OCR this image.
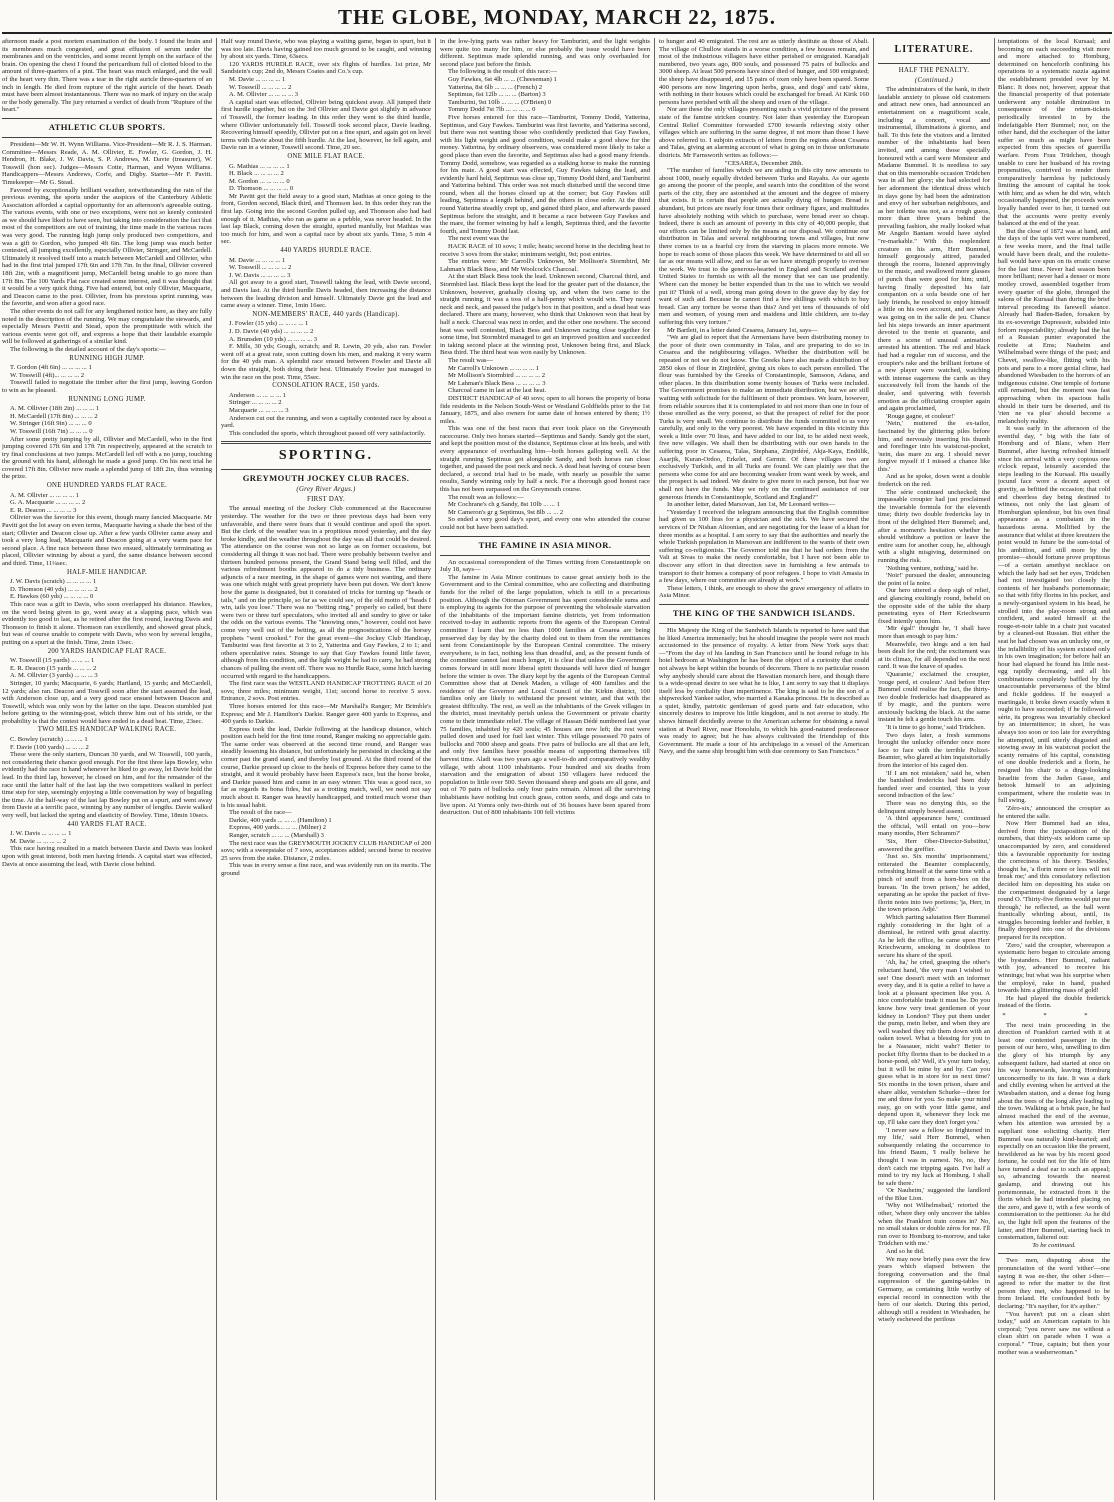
THE GLOBE, MONDAY, MARCH 22, 1875.

afternoon made a post mortem examination of the body. I found the brain and its membranes much congested, and great effusion of serum under the membranes and on the ventricles, and some recent lymph on the surface of the brain. On opening the chest I found the pericardium full of clotted blood to the amount of three-quarters of a pint. The heart was much enlarged, and the wall of the heart very thin. There was a tear in the right auricle three-quarters of an inch in length. He died from rupture of the right auricle of the heart. Death must have been almost instantaneous. There was no mark of injury on the scalp or the body generally. The jury returned a verdict of death from "Rupture of the heart."

ATHLETIC CLUB SPORTS.

President—Mr W. H. Wynn Williams. Vice-President—Mr R. J. S. Harman. Committee—Messrs Reade, A. M. Ollivier, E. Fowler, G. Gordon, J. H. Hendron, H. Blake, J. W. Davis, S. P. Andrews, M. Davie (treasurer), W. Tosswill (hon sec). Judges—Messrs Cotte, Harman, and Wynn Williams. Handicappers—Messrs Andrews, Corfe, and Digby. Starter—Mr F. Pavitt. Timekeeper—Mr G. Stead.

Favored by exceptionally brilliant weather, notwithstanding the rain of the previous evening, the sports under the auspices of the Canterbury Athletic Association afforded a capital opportunity for an afternoon's agreeable outing. The various events, with one or two exceptions, were not so keenly contested as we should have liked to have seen, but taking into consideration the fact that most of the competitors are out of training, the time made in the various races was very good. The running high jump only produced two competitors, and was a gift to Gordon, who jumped 4ft 6in. The long jump was much better contested, all jumping excellently, especially Ollivier, Stringer, and McCardell. Ultimately it resolved itself into a match between McCardell and Ollivier, who had in the first trial jumped 17ft 6in and 17ft 7in. In the final, Ollivier covered 18ft 2in, with a magnificent jump, McCardell being unable to go more than 17ft 8in. The 100 Yards Flat race created some interest, and it was thought that it would be a very quick thing. Five had entered, but only Ollivier, Macquarie, and Deacon came to the post. Ollivier, from his previous sprint running, was the favorite, and won after a good race.

The other events do not call for any lengthened notice here, as they are fully noted in the description of the running. We may congratulate the stewards, and especially Messrs Pavitt and Stead, upon the promptitude with which the various events were got off, and express a hope that their laudable example will be followed at gatherings of a similar kind.

The following is the detailed account of the day's sports:—

RUNNING HIGH JUMP.
T. Gordon (4ft 6in) ... ... ... ... 1
W. Tosswill (4ft)... ... ... ... 2

Tosswill failed to negotiate the timber after the first jump, leaving Gordon to win as he pleased.

RUNNING LONG JUMP.
A. M. Ollivier (18ft 2in) ... ... ... 1
H. McCardell (17ft 8in) ... ... ... 2
W. Stringer (16ft 9in) ... ... ... 0
W. Tosswill (16ft 7in) ... ... ... 0

After some pretty jumping by all, Ollivier and McCardell, who in the first jumping covered 17ft 6in and 17ft 7in respectively, appeared at the scratch to try final conclusions at two jumps. McCardell led off with a no jump, touching the ground with his hand, although he made a good jump. On his next trial he covered 17ft 8in. Ollivier now made a splendid jump of 18ft 2in, thus winning the prize.

ONE HUNDRED YARDS FLAT RACE.
A. M. Ollivier ... ... ... ... 1
G. A. Macquarie ... ... ... ... 2
E. R. Deacon ... ... ... ... 3

Ollivier was the favorite for this event, though many fancied Macquarie. Mr Pavitt got the lot away on even terms, Macquarie having a shade the best of the start; Ollivier and Deacon close up. After a few yards Ollivier came away and took a very long lead, Macquarie and Deacon going at a very warm pace for second place. A fine race between these two ensued, ultimately terminating as placed, Ollivier winning by about a yard, the same distance between second and third. Time, 11¼sec.

HALF-MILE HANDICAP.
J. W. Davis (scratch) ... ... ... ... 1
D. Thomson (40 yds) ... ... ... ... 2
E. Hawkes (60 yds) ... ... ... ... 0

This race was a gift to Davis, who soon overlapped his distance. Hawkes, on the word being given to go, went away at a slapping pace, which was evidently too good to last, as he retired after the first round, leaving Davis and Thomson to finish it alone. Thomson ran excellently, and showed great pluck, but was of course unable to compete with Davis, who won by several lengths, putting on a spurt at the finish. Time, 2min 13sec.

200 YARDS HANDICAP FLAT RACE.
W. Tosswill (15 yards) ... ... ... 1
E. R. Deacon (15 yards ... ... ... 2
A. M. Ollivier (3 yards) ... ... ... 3

Stringer, 10 yards; Macquarie, 6 yards; Hartland, 15 yards; and McCardell, 12 yards; also ran. Deacon and Tosswill soon after the start assumed the lead, with Anderson close up, and a very good race ensued between Deacon and Tosswill, which was only won by the latter on the tape. Deacon stumbled just before getting to the winning-post, which threw him out of his stride, or the probability is that the contest would have ended in a dead heat. Time, 23sec.

TWO MILES HANDICAP WALKING RACE.
C. Bowley (scratch) ... ... ... 1
F. Davie (100 yards) ... ... ... 2

These were the only starters, Duncan 30 yards, and W. Tosswill, 100 yards, not considering their chance good enough. For the first three laps Bowley, who evidently had the race in hand whenever he liked to go away, let Davie hold the lead. In the third lap, however, he closed on him, and for the remainder of the race until the latter half of the last lap the two competitors walked in perfect time step for step, seemingly enjoying a little conversation by way of beguiling the time. At the half-way of the last lap Bowley put on a spurt, and went away from Davie at a terrific pace, winning by any number of lengths. Davie walked very well, but lacked the spring and elasticity of Bowley. Time, 18min 10secs.

440 YARDS FLAT RACE.
J. W. Davis ... ... ... ... 1
M. Davie ... ... ... ... 2

This race having resulted in a match between Davie and Davis was looked upon with great interest, both men having friends. A capital start was effected, Davis at once assuming the lead, with Davie close behind.

Half way round Davie, who was playing a waiting game, began to spurt, but it was too late. Davis having gained too much ground to be caught, and winning by about six yards. Time, 63secs.

120 YARDS HURDLE RACE, over six flights of hurdles. 1st prize, Mr Sandstein's cup; 2nd do, Messrs Coates and Co.'s cup.

M. Davie ... ... ... ... 1
W. Tosswill ... ... ... ... 2
A. M. Ollivier ... ... ... ... 3

A capital start was effected, Ollivier being quickest away. All jumped their first hurdle together, but on the 3rd Ollivier and Davie got slightly in advance of Tosswill, the former leading. In this order they went to the third hurdle, where Ollivier unfortunately fell. Tosswill took second place, Davie leading. Recovering himself speedily, Ollivier put on a fine spurt, and again got on level terms with Davie about the fifth hurdle. At the last, however, he fell again, and Davie ran in a winner, Tosswill second. Time, 20 sec.

ONE MILE FLAT RACE.
G. Mathias ... ... ... ... 1
H. Black ... ... ... ... 2
M. Gordon ... ... ... ... 0
D. Thomson ... ... ... ... 0

Mr Pavitt got the field away to a good start, Mathias at once going to the front, Gordon second, Black third, and Thomson last. In this order they ran the first lap. Going into the second Gordon pulled up, and Thomson also had had enough of it. Mathias, who ran as game as a pebble, was never headed. In the last lap Black, coming down the straight, spurted manfully, but Mathias was too much for him, and won a capital race by about six yards. Time, 5 min 4 sec.

440 YARDS HURDLE RACE.
M. Davie ... ... ... ... 1
W. Tosswill ... ... ... ... 2
J. W. Davis ... ... ... ... 3

All got away to a good start, Tosswill taking the lead, with Davie second, and Davis last. At the third hurdle Davis headed, then increasing the distance between the leading division and himself. Ultimately Davie got the lead and came away a winner. Time, 1min 16sec.

NON-MEMBERS' RACE, 440 yards (Handicap).
J. Fowler (15 yds) ... ... ... ... 1
J. D. Davie (40 yds) ... ... ... ... 2
A. Brunsden (10 yds) ... ... ... ... 3

F. Mills, 30 yds; Gough, scratch; and R. Lewin, 20 yds, also ran. Fowler went off at a great rate, soon cutting down his men, and making it very warm for the 40 yds man. A splendid race ensued between Fowler and Davie all down the straight, both doing their best. Ultimately Fowler just managed to win the race on the post. Time, 55sec.

CONSOLATION RACE, 150 yards.
Anderson ... ... ... ... 1
Stringer ... ... ... ... 2
Macquarie ... ... ... ... 3

Anderson cut out the running, and won a capitally contested race by about a yard.

This concluded the sports, which throughout passed off very satisfactorily.

SPORTING.
GREYMOUTH JOCKEY CLUB RACES.
(Grey River Argus.)
FIRST DAY.

The annual meeting of the Jockey Club commenced at the Racecourse yesterday. The weather for the two or three previous days had been very unfavorable, and there were fears that it would continue and spoil the sport. But the clerk of the weather was in a propitious mood yesterday, and the day broke kindly, and the weather throughout the day was all that could be desired. The attendance on the course was not so large as on former occasions, but considering all things it was not bad. There were probably between twelve and thirteen hundred persons present, the Grand Stand being well filled, and the various refreshment booths appeared to do a tidy business. The ordinary adjuncts of a race meeting, in the shape of games were not wanting, and there was one which might with great propriety have been put down. We don't know how the game is designated, but it consisted of tricks for turning up "heads or tails," and on the principle, so far as we could see, of the old motto of "heads I win, tails you lose." There was no "betting ring," properly so called, but there were two or three turf speculators, who invited all and sundry to give or take the odds on the various events. The "knowing ones," however, could not have come very well out of the betting, as all the prognostications of the horsey prophets "went crooked." For the great event—the Jockey Club Handicap, Tamburini was first favorite at 3 to 2, Yatterina and Guy Fawkes, 2 to 1; and others speculative rates. Strange to say that Guy Fawkes found little favor, although from his condition, and the light weight he had to carry, he had strong chances of pulling the event off. There was no Hurdle Race, some hitch having occurred with regard to the handicappers.

The first race was the WESTLAND HANDICAP TROTTING RACE of 20 sovs; three miles; minimum weight, 11st; second horse to receive 5 sovs. Entrance, 2 sovs. Post entries.

Three horses entered for this race—Mr Marshall's Ranger; Mr Brimble's Express; and Mr J. Hamilton's Darkie. Ranger gave 400 yards to Express, and 400 yards to Darkie.

Express took the lead, Darkie following at the handicap distance, which position each held for the first time round, Ranger making no appreciable gain. The same order was observed at the second time round, and Ranger was steadily lessening his distance, but unfortunately he persisted in checking at the corner past the grand stand, and thereby lost ground. At the third round of the course, Darkie pressed up close to the heels of Express before they came to the straight, and it would probably have been Express's race, but the horse broke, and Darkie passed him and came in an easy winner. This was a good race, so far as regards its bona fides, but as a trotting match, well, we need not say much about it. Ranger was heavily handicapped, and trotted much worse than is his usual habit.

The result of the race—

Darkie, 400 yards ... ... ... (Hamilton) 1
Express, 400 yards... ... ... (Milner) 2
Ranger, scratch ... ... ... (Marshall) 3

The next race was the GREYMOUTH JOCKEY CLUB HANDICAP of 200 sovs; with a sweepstake of 7 sovs, acceptances added; second horse to receive 25 sovs from the stake. Distance, 2 miles.

This was in every sense a fine race, and was evidently run on its merits. The ground

in the low-lying parts was rather heavy for Tamburini, and the light weights were quite too many for him, or else probably the issue would have been different. Septimus made splendid running, and was only overhauled for second place just before the finish.

The following is the result of this race:—

Guy Fawkes, 6st 4lb ... ... (Cheeseman) 1
Yatterina, 8st 6lb ... ... ... (French) 2
Septimus, 6st 12lb ... ... ... (Barton) 3
Tamburini, 9st 10lb ... ... ... (O'Brien) 0
Tommy Dodd 7st 7lb ... ... ... ... 0

Five horses entered for this race—Tamburini, Tommy Dodd, Yatterina, Septimus, and Guy Fawkes. Tamburini was first favorite, and Yatterina second, but there was not wanting those who confidently predicted that Guy Fawkes, with his light weight and good condition, would make a good show for the money. Yatterina, by ordinary observers, was considered more likely to take a good place than even the favorite, and Septimus also had a good many friends. Tommy Dodd, somehow, was regarded as a stalking horse to make the running for his mate. A good start was effected, Guy Fawkes taking the lead, and evidently hard held, Septimus was close up, Tommy Dodd third, and Tamburini and Yatterina behind. This order was not much disturbed until the second time round, when all the horses closed up at the corner; but Guy Fawkes still leading, Septimus a length behind, and the others in close order. At the third round Yatterina steadily crept up, and gained third place, and afterwards passed Septimus before the straight, and it became a race between Guy Fawkes and the mare, the former winning by half a length, Septimus third, and the favorite fourth, and Tommy Dodd last.

The next event was the

HACK RACE of 10 sovs; 1 mile; heats; second horse in the deciding heat to receive 3 sovs from the stake; minimum weight, 9st; post entries.

The entries were: Mr Carroll's Unknown, Mr Mollison's Stormbird, Mr Lahman's Black Bess, and Mr Woolcock's Charcoal.

At the start Black Bess took the lead. Unknown second, Charcoal third, and Stormbird last. Black Bess kept the lead for the greater part of the distance, the Unknown, however, gradually closing up, and when the two came to the straight running, it was a toss of a half-penny which would win. They raced neck and neck, and passed the judge's box in that position, and a dead heat was declared. There are many, however, who think that Unknown won that heat by half a neck. Charcoal was next in order, and the other one nowhere. The second heat was well contested, Black Bess and Unknown racing close together for some time, but Stormbird managed to get an improved position and succeeded in taking second place at the winning post, Unknown being first, and Black Bess third. The third heat was won easily by Unknown.

The result was—

Mr Carroll's Unknown ... ... ... ... 1
Mr Mollison's Stormbird ... ... ... ... 2
Mr Lahman's Black Bess ... ... ... ... 3

Charcoal came in last at the last heat.

DISTRICT HANDICAP of 40 sovs; open to all horses the property of bona fide residents in the Nelson South-West or Westland Goldfields prior to the 1st January, 1875, and also owners for same date of horses entered by them; 1½ miles.

This was one of the best races that ever took place on the Greymouth racecourse. Only two horses started—Septimus and Sandy. Sandy got the start, and kept the position most of the distance, Septimus close at his heels, and with every appearance of overhauling him—both horses galloping well. At the straight running Septimus got alongside Sandy, and both horses ran close together, and passed the post neck and neck. A dead heat having of course been declared, a second trial had to be made, with nearly as possible the same results, Sandy winning only by half a neck. For a thorough good honest race this has not been surpassed on the Greymouth course.

The result was as follows:—

Mr Cochrane's ch g Sandy, 8st 10lb ... ... 1
Mr Cameron's gr g Septimus, 9st 8lb ... ... 2

So ended a very good day's sport, and every one who attended the course could not but have been satisfied.

THE FAMINE IN ASIA MINOR.

An occasional correspondent of the Times writing from Constantinople on July 18, says—

The famine in Asia Minor continues to cause great anxiety both to the Government and to the Central committee, who are collecting and distributing funds for the relief of the large population, which is still in a precarious position. Although the Ottoman Government has spent considerable sums and is employing its agents for the purpose of preventing the wholesale starvation of the inhabitants of the important famine districts, yet from information received to-day in authentic reports from the agents of the European Central committee I learn that no less than 1000 families at Cesarea are being preserved day by day by the charity doled out to them from the remittances sent from Constantinople by the European Central committee. The misery everywhere, is in fact, nothing less than dreadful, and, as the present funds of the committee cannot last much longer, it is clear that unless the Government comes forward in still more liberal spirit thousands will have died of hunger before the winter is over. The diary kept by the agents of the European Central Committee show that at Denek Maden, a village of 400 families and the residence of the Governor and Local Council of the Kirkin district, 100 families only are likely to withstand the present winter, and that with the greatest difficulty. The rest, as well as the inhabitants of the Greek villages in the district, must inevitably perish unless the Government or private charity come to their immediate relief. The village of Hassan Dédé numbered last year 75 families, inhabited by 420 souls; 45 houses are now left; the rest were pulled down and used for fuel last winter. This village possessed 70 pairs of bullocks and 7000 sheep and goats. Five pairs of bullocks are all that are left, and only five families have possible means of supporting themselves till harvest time. Aladi was two years ago a well-to-do and comparatively wealthy village, with about 1100 inhabitants. Four hundred and six deaths from starvation and the emigration of about 150 villagers have reduced the population to little over 500. Seven thousand sheep and goats are all gone, and out of 70 pairs of bullocks only four pairs remain. Almost all the surviving inhabitants have nothing but couch grass, cotton seeds, and dogs and cats to live upon. At Yomra only two-thirds out of 36 houses have been spared from destruction. Out of 800 inhabitants 100 fell victims

to hunger and 40 emigrated. The rest are as utterly destitute as those of Abali. The village of Chullow stands in a worse condition, a few houses remain, and most of the industrious villagers have either perished or emigrated. Karadjali numbered, two years ago, 800 souls, and possessed 75 pairs of bullocks and 3000 sheep. At least 500 persons have since died of hunger, and 100 emigrated; the sheep have disappeared, and 15 pairs of oxen only have been spared. Some 400 persons are now lingering upon herbs, grass, and dogs' and cats' skins, with nothing in their houses which could be exchanged for bread. At Kirik 160 persons have perished with all the sheep and oxen of the village.

Nor are these the only villages presenting such a vivid picture of the present state of the famine stricken country. Not later than yesterday the European Central Relief Committee forwarded £700 towards relieving sixty other villages which are suffering in the same degree, if not more than those I have above referred to. I subjoin extracts of letters from the regions about Cesarea and Talas, giving an alarming account of what is going on in those unfortunate districts. Mr Farnsworth writes as follows:—

"CESAREA, December 28th.

"The number of families which we are aiding in this city now amounts to about 1000, nearly equally divided between Turks and Rayahs. As our agents go among the poorer of the people, and search into the condition of the worst parts of the city, they are astonished at the amount and the degree of misery that exists. It is certain that people are actually dying of hunger. Bread is abundant, but prices are nearly four times their ordinary figure, and multitudes have absolutely nothing with which to purchase, were bread ever so cheap. Indeed, there is such an amount of poverty in this city of 40,000 people, that our efforts can be limited only by the means at our disposal. We continue our distribution in Talas and several neighbouring towns and villages, but now there comes to us a fearful cry from the starving in places more remote. We hope to reach some of those places this week. We have determined to aid all so far as our means will allow, and so far as we have strength properly to oversee the work. We trust to the generous-hearted in England and Scotland and the United States to furnish us with all the money that we can use prudently. Where can the money be better expended than in the use to which we would put it? Think of a well, strong man going down to the grave day by day for want of such aid. Because he cannot find a few shillings with which to buy bread. Can any torture be worse than this? And yet tens of thousands of old men and women, of young men and maidens and little children, are to-day suffering this very torture."

Mr Bartlett, in a letter dated Cesarea, January 1st, says—

"We are glad to report that the Armenians have been distributing money to the poor of their own community in Talas, and are preparing to do so in Cesarea and the neighbouring villages. Whether the distribution will be repeated or not we do not know. The Greeks have also made a distribution of 2850 okes of flour in Zinjirdéré, giving six okes to each person enrolled. The flour was furnished by the Greeks of Constantinople, Samsoon, Adana, and other places. In this distribution some twenty houses of Turks were included. The Government promises to make an immediate distribution, but we are still waiting with solicitude for the fulfilment of their promises. We learn, however, from reliable sources that it is contemplated to aid not more than one in four of those enrolled as the very poorest, so that the prospect of relief for the poor Turks is very small. We continue to distribute the funds committed to us very carefully, and only to the very poorest. We have expended in this vicinity this week a little over 70 liras, and have added to our list, to be aided next week, five new villages. We shall then be distributing with our own hands to the suffering poor in Cesarea, Talas, Stephana, Zinjirdéré, Akja-Kaya, Endülik, Asarjik, Kuran-Ordoo, Erkelet, and Germir. Of these villages two are exclusively Turkish, and in all Turks are found. We can plainly see that the persons who come for aid are becoming weaker from want week by week, and the prospect is sad indeed. We desire to give more to each person, but fear we shall not have the funds. May we rely on the continued assistance of our generous friends in Constantinople, Scotland and England?"

In another letter, dated Marsovan, Jan 1st, Mr Leonard writes—

"Yesterday I received the telegram announcing that the English committee had given us 100 liras for a physician and the sick. We have secured the services of Dr Nishan Altoonian, and are negotiating for the lease of a khan for three months as a hospital. I am sorry to say that the authorities and nearly the whole Turkish population in Marsovan are indifferent to the wants of their own suffering co-religionists. The Governor told me that he had orders from the Vali at Sivas to make the needy comfortable, but I have not been able to discover any effort in that direction save in furnishing a few animals to transport to their homes a company of poor refugees. I hope to visit Amasia in a few days, where our committee are already at work."

These letters, I think, are enough to show the grave emergency of affairs in Asia Minor.

THE KING OF THE SANDWICH ISLANDS.

His Majesty the King of the Sandwich Islands is reported to have said that he liked America immensely; but he should imagine the people were not much accustomed to the presence of royalty. A letter from New York says that:—"From the day of his landing in San Francisco until he found refuge in his hotel bedroom at Washington he has been the object of a curiosity that could not always be kept within the bounds of decorum. There is no particular reason why anybody should care about the Hawaiian monarch here, and though there is a wide-spread desire to see what he is like, I am sorry to say that it displays itself less by cordiality than impertinence. The king is said to be the son of a shipwrecked Yankee sailor, who married a Kanaka princess. He is described as a quiet, kindly, patriotic gentleman of good parts and fair education, who sincerely desires to improve his little kingdom, and is not averse to study. He shows himself decidedly averse to the American scheme for obtaining a naval station at Pearl River, near Honolulu, to which his good-natured predecessor was ready to agree; but he has always cultivated the friendship of this Government. He made a tour of his archipelago in a vessel of the American Navy, and the same ship brought him with due ceremony to San Francisco."

LITERATURE.
HALF THE PENALTY.
(Continued.)

The administrators of the bank, in their laudable anxiety to please old customers and attract new ones, had announced an entertainment on a magnificent scale, including a concert, vocal and instrumental, illuminations à giorno, and ball. To this fete the visitors and a limited number of the inhabitants had been invited, and among those specially honoured with a card were Monsieur and Madame Bummel. It is needless to say that on this memorable occasion Trüdchen was in all her glory; she had selected for her adornment the identical dress which in days gone by had been the admiration and envy of her suburban neighbours, and as her toilette was not, as a rough guess, more than three years behind the prevailing fashion, she really looked what Mr Angelo Bantam would have styled "re-markable." With this resplendent creature on his arm, Herr Bummel, himself gorgeously attired, paraded through the rooms, listened approvingly to the music, and swallowed more glasses of punch than were good for him; until, having finally deposited his fair companion on a sofa beside one of her lady friends, he resolved to enjoy himself a little on his own account, and see what was going on in the salle de jeu. Chance led his steps towards an inner apartment devoted to the trente et quarante, and there a scene of unusual animation arrested his attention. The red and black had had a regular run of success, and the croupier's rake and the brilliant fortune of a new player were watched, watching with intense eagerness the cards as they successively fell from the hands of the dealer, and quivering with feverish emotion as the officiating croupier again and again proclaimed,

'Rouge gagne, et couleur!'

'Nein,' muttered the ex-tailor, fascinated by the glittering piles before him, and nervously inserting his thumb and forefinger into his waistcoat-pocket, 'nein, das mare zu arg. I should never forgive myself if I missed a chance like this.'

And as he spoke, down went a double frederick on the red.

The série continued unchecked; the impassable croupier had just proclaimed the invariable formula for the eleventh time; thirty two double fredericks lay in front of the delighted Herr Bummel; and, after a moment's hesitation whether he should withdraw a portion or leave the entire sum for another coup, he, although with a slight misgiving, determined on running the risk.

'Nothing venture, nothing,' said he.

'Noir!' pursued the dealer, announcing the point of la noire.

Our hero uttered a deep sigh of relief, and glancing exultingly round, beheld on the opposite side of the table the sharp penetrating eyes of Herr Kriechwurm fixed intently upon him.

'Mir égal!' thought he, 'I shall have more than enough to pay him.'

Meanwhile, two kings and a ten had been dealt for the red; the excitement was at its climax, for all depended on the next card. It was the knave of spades.

'Quarante,' exclaimed the croupier, 'rouge perd, et couleur.' And before Herr Bummel could realise the fact, the thirty-two double fredericks had disappeared as if by magic, and the punters were anxiously backing the black. At the same instant he felt a gentle touch his arm.

'It is time to go home,' said Trüdchen.

Two days later, a fresh summons brought the unlucky offender once more face to face with the terrible Polizei-Beamter, who glared at him inquisitorially from the interior of his caged den.

'If I am not mistaken,' said he, when the banished fredericks had been duly handed over and counted, 'this is your second infraction of the law.'

There was no denying this, so the delinquent simply bowed assent.

'A third appearance here,' continued the official, 'will entail on you—how many months, Herr Schramm?'

'Six, Herr Ober-Director-Substitut,' answered the greffier.

'Just so. Six months' imprisonment,' reiterated the Beamter complacently, refreshing himself at the same time with a pinch of snuff from a horn-box on the bureau. 'In the town prison,' he added, separating as he spoke the packet of five-florin notes into two portions; 'ja, Herr, in the town prison. Adjé.'

Which parting salutation Herr Bummel rightly considering in the light of a dismissal, he retired with great alacrity. As he left the office, he came upon Herr Kriechwurm, smoking in doubtless to secure his share of the spoil.

'Ah, ha,' he cried, grasping the other's reluctant hand, 'the very man I wished to see! One doesn't meet with an informer every day, and it is quite a relief to have a look at a pleasant specimen like you. A nice comfortable trade it must be. Do you know how very treat gentlemen of your kidney in London? They put them under the pump, mein lieber, and when they are well washed they rub them down with an oaken towel. What a blessing for you to be a Nassauer, nicht wahr? Better to pocket fifty florins than to be ducked in a horse-pond, eh? Well, it's your turn today, but it will be mine by and by. Can you guess what is in store for us next time? Six months in the town prison, share and share alike, verstehen Schurke—three for me and three for you. So make your mind easy, go on with your little game, and depend upon it, whenever they lock me up, I'll take care they don't forget you.'

'I never saw a fellow so frightened in my life,' said Herr Bummel, when subsequently relating the occurrence to his friend Baum, 'I really believe he thought I was in earnest. No, no, they don't catch me tripping again. I've half a mind to try my luck at Homburg. I shall be safe there.'

'Or Nauheim,' suggested the landlord of the Blue Lion.

'Why not Wilhelmsbad,' retorted the other, 'where they only uncover the tables when the Frankfort train comes in? No, no small stakes or double zéros for me. I'll run over to Homburg to-morrow, and take Trüdchen with me.'

And so he did.

We may now briefly pass over the few years which elapsed between the foregoing conversation and the final suppression of the gaming-tables in Germany, as containing little worthy of especial record in connection with the hero of our sketch. During this period, although still a resident in Wiesbaden, he wisely eschewed the perilous

temptations of the local Kursaal; and becoming on each succeeding visit more and more attached to Homburg, determined on henceforth confining his operations to a systematic razzia against the establishment presided over by M. Blanc. It does not, however, appear that the financial prosperity of that potentate underwent any notable diminution in consequence of the return-tickets periodically invested in by the indefatigable Herr Bummel; nor, on the other hand, did the exchequer of the latter suffer so much as might have been expected from this species of guerrilla warfare. From Frau Trüdchen, though unable to cure her husband of his roving propensities, contrived to render them comparatively harmless by judiciously limiting the amount of capital he took with him; and as when he did win, which occasionally happened, the proceeds were loyally handed over to her, it turned out that the accounts were pretty evenly balanced at the end of the year.

But the close of 1872 was at hand, and the days of the tapis vert were numbered, a few weeks more, and the final taille would have been dealt, and the roulette-ball would have spun on its erratic course for the last time. Never had season been more brilliant; never had a denser or more motley crowd, assembled together from every quarter of the globe, thronged the salons of the Kursaal than during the brief interval preceding its farewell séance. Already had Baden-Baden, forsaken by its ex-sovereign Dupressoir, subsided into forlorn respectability; already had the hat of a Russian punter evaporated the roulette at Ems; Nauheim and Wilhelmsbad were things of the past; and Chevet, swallow-like, flitting with his pots and pans to a more genial clime, had abandoned Wiesbaden to the horrors of an indigenous cuisine. One temple of fortune still remained, but the moment was fast approaching when its spacious halls should in their turn be deserted, and its 'rien ne va plus' should become a melancholy reality.

It was early in the afternoon of the eventful day, '' big with the fate of Homburg and of Blanc, when Herr Bummel, after having refreshed himself since his arrival with a very copious one o'clock repast, leisurely ascended the steps leading to the Kursaal. His usually jocund face wore a decent aspect of gravity, as befitted the occasion; that cold and cheerless day being destined to witness, not only the last gleam of Homburgian splendour, but his own final appearance as a combatant in the hazardous arena. Mollified by the assurance that whilst at three kreutzers the point would in future be the sum-total of his ambition, and still more by the promise—should fortune prove propitious—of a certain amethyst necklace on which the lady had set her eyes, Trüdchen had not investigated too closely the contents of her husband's portemonnaie; so that with fifty florins in his pocket, and a newly-organised system in his head, he strolled into the play-room strong and confident, and seated himself at the rouge-et-noir table in a chair just vacated by a cleaned-out Russian. But either the seat he had chosen was an unlucky one, or the infallibility of his system existed only in his own imagination; for before half an hour had elapsed he found his little nest-egg rapidly decreasing, and all his combinations completely baffled by the unaccountable perverseness of the blind and fickle goddess. If he essayed a martingale, it broke down exactly when it ought to have succeeded; if he followed a série, its progress was invariably checked by an intermittence; in short, he was always too soon or too late for everything he attempted, until utterly disgusted and stowing away in his waistcoat pocket the scanty remains of his capital, consisting of one double frederick and a florin, he resigned his chair to a dingy-looking Israelite from the Juden Gasse, and betook himself to an adjoining compartment, where the roulette was in full swing.

'Zéro-six,' announced the croupier as he entered the salle.

Now Herr Bummel had an idea, derived from the juxtaposition of the numbers, that thirty-six seldom came up unaccompanied by zero, and considered this a favourable opportunity for testing the correctness of his theory. 'Besides,' thought he, 'a florin more or less will not break me;' and this consolatory reflection decided him on depositing his stake on the compartment designated by a large round O. 'Thirty-five florins would put me through,' he reflected, as the ball went frantically whirling about, until, its struggles becoming feebler and feebler, it finally dropped into one of the divisions prepared for its reception.

'Zero,' said the croupier, whereupon a systematic hero began to circulate among the bystanders. Herr Bummel, radiant with joy, advanced to receive his winnings; but what was his surprise when the employé, rake in hand, pushed towards him a glittering mass of gold!

He had played the double frederick instead of the florin.

* * *

The next train proceeding in the direction of Frankfort carried with it at least one contented passenger in the person of our hero, who, unwilling to dim the glory of his triumph by any subsequent failure, had started at once on his way homewards, leaving Homburg unconcernedly to its fate. It was a dark and chilly evening when he arrived at the Wiesbaden station, and a dense fog hung about the trees of the long alley leading to the town. Walking at a brisk pace, he had almost reached the end of the avenue, when his attention was arrested by a suppliant tone soliciting charity. Herr Bummel was naturally kind-hearted; and especially on an occasion like the present, bewildered as he was by his recent good fortune, he could not for the life of him have turned a deaf ear to such an appeal; so, advancing towards the nearest gaslamp, and drawing out his portemonnaie, he extracted from it the florin which he had intended placing on the zero, and gave it, with a few words of commiseration to the petitioner. As he did so, the light fell upon the features of the latter, and Herr Bummel, starting back in consternation, faltered out:

To be continued.

Two men, disputing about the pronunciation of the word 'either'—one saying it was ee-ther, the other i-ther—agreed to refer the matter to the first person they met, who happened to be from Ireland. He confounded both by declaring: "It's nayther, for it's ayther."

"You haven't put on a clean shirt today," said an American captain to his corporal; "you never saw me without a clean shirt on parade when I was a corporal." "True, captain; but then your mother was a washerwoman."
